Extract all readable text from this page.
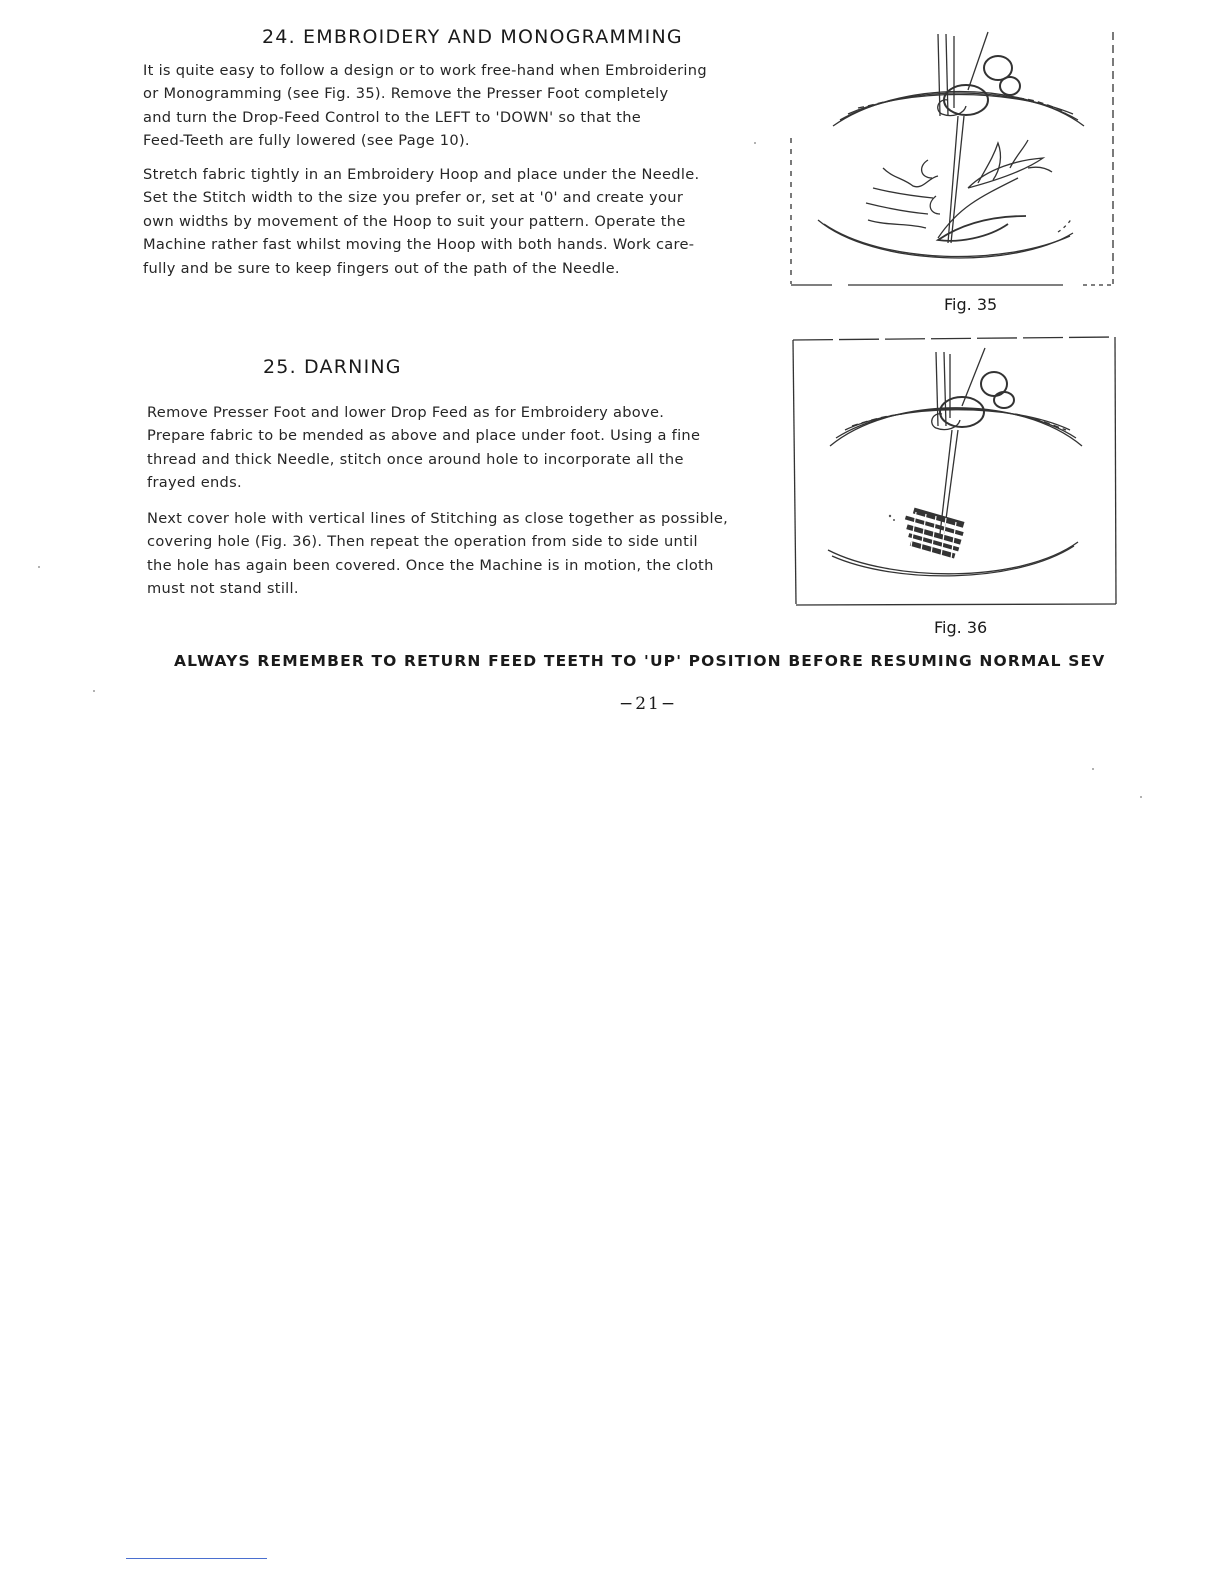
24. EMBROIDERY AND MONOGRAMMING
It is quite easy to follow a design or to work free-hand when Embroidering
or Monogramming (see Fig. 35). Remove the Presser Foot completely
and turn the Drop-Feed Control to the LEFT to 'DOWN' so that the
Feed-Teeth are fully lowered (see Page 10).
Stretch fabric tightly in an Embroidery Hoop and place under the Needle.
Set the Stitch width to the size you prefer or, set at '0' and create your
own widths by movement of the Hoop to suit your pattern. Operate the
Machine rather fast whilst moving the Hoop with both hands. Work care-
fully and be sure to keep fingers out of the path of the Needle.
Fig. 35
25. DARNING
Remove Presser Foot and lower Drop Feed as for Embroidery above.
Prepare fabric to be mended as above and place under foot. Using a fine
thread and thick Needle, stitch once around hole to incorporate all the
frayed ends.
Next cover hole with vertical lines of Stitching as close together as possible,
covering hole (Fig. 36). Then repeat the operation from side to side until
the hole has again been covered. Once the Machine is in motion, the cloth
must not stand still.
Fig. 36
ALWAYS REMEMBER TO RETURN FEED TEETH TO 'UP' POSITION BEFORE RESUMING NORMAL SEV
−21−
